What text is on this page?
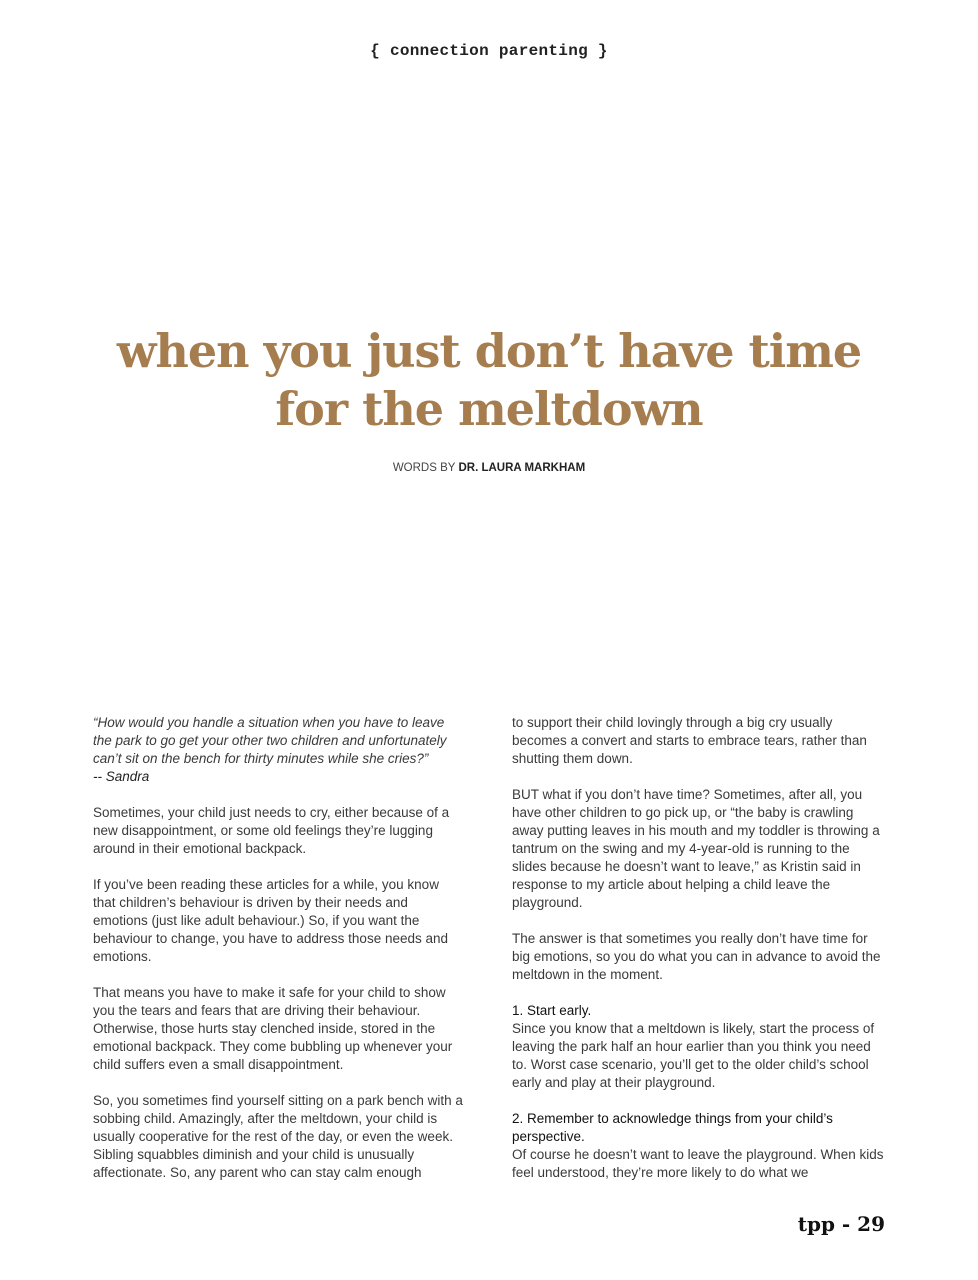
{ connection parenting }
when you just don’t have time
for the meltdown
WORDS BY DR. LAURA MARKHAM

“How would you handle a situation when you have to leave the park to go get your other two children and unfortunately can’t sit on the bench for thirty minutes while she cries?”
-- Sandra

Sometimes, your child just needs to cry, either because of a new disappointment, or some old feelings they’re lugging around in their emotional backpack.

If you’ve been reading these articles for a while, you know that children’s behaviour is driven by their needs and emotions (just like adult behaviour.) So, if you want the behaviour to change, you have to address those needs and emotions.

That means you have to make it safe for your child to show you the tears and fears that are driving their behaviour. Otherwise, those hurts stay clenched inside, stored in the emotional backpack. They come bubbling up whenever your child suffers even a small disappointment.

So, you sometimes find yourself sitting on a park bench with a sobbing child. Amazingly, after the meltdown, your child is usually cooperative for the rest of the day, or even the week. Sibling squabbles diminish and your child is unusually affectionate. So, any parent who can stay calm enough

to support their child lovingly through a big cry usually becomes a convert and starts to embrace tears, rather than shutting them down.

BUT what if you don’t have time? Sometimes, after all, you have other children to go pick up, or “the baby is crawling away putting leaves in his mouth and my toddler is throwing a tantrum on the swing and my 4-year-old is running to the slides because he doesn’t want to leave,” as Kristin said in response to my article about helping a child leave the playground.

The answer is that sometimes you really don’t have time for big emotions, so you do what you can in advance to avoid the meltdown in the moment.

1. Start early.
Since you know that a meltdown is likely, start the process of leaving the park half an hour earlier than you think you need to. Worst case scenario, you’ll get to the older child’s school early and play at their playground.

2. Remember to acknowledge things from your child’s perspective.
Of course he doesn’t want to leave the playground. When kids feel understood, they’re more likely to do what we

tpp - 29
